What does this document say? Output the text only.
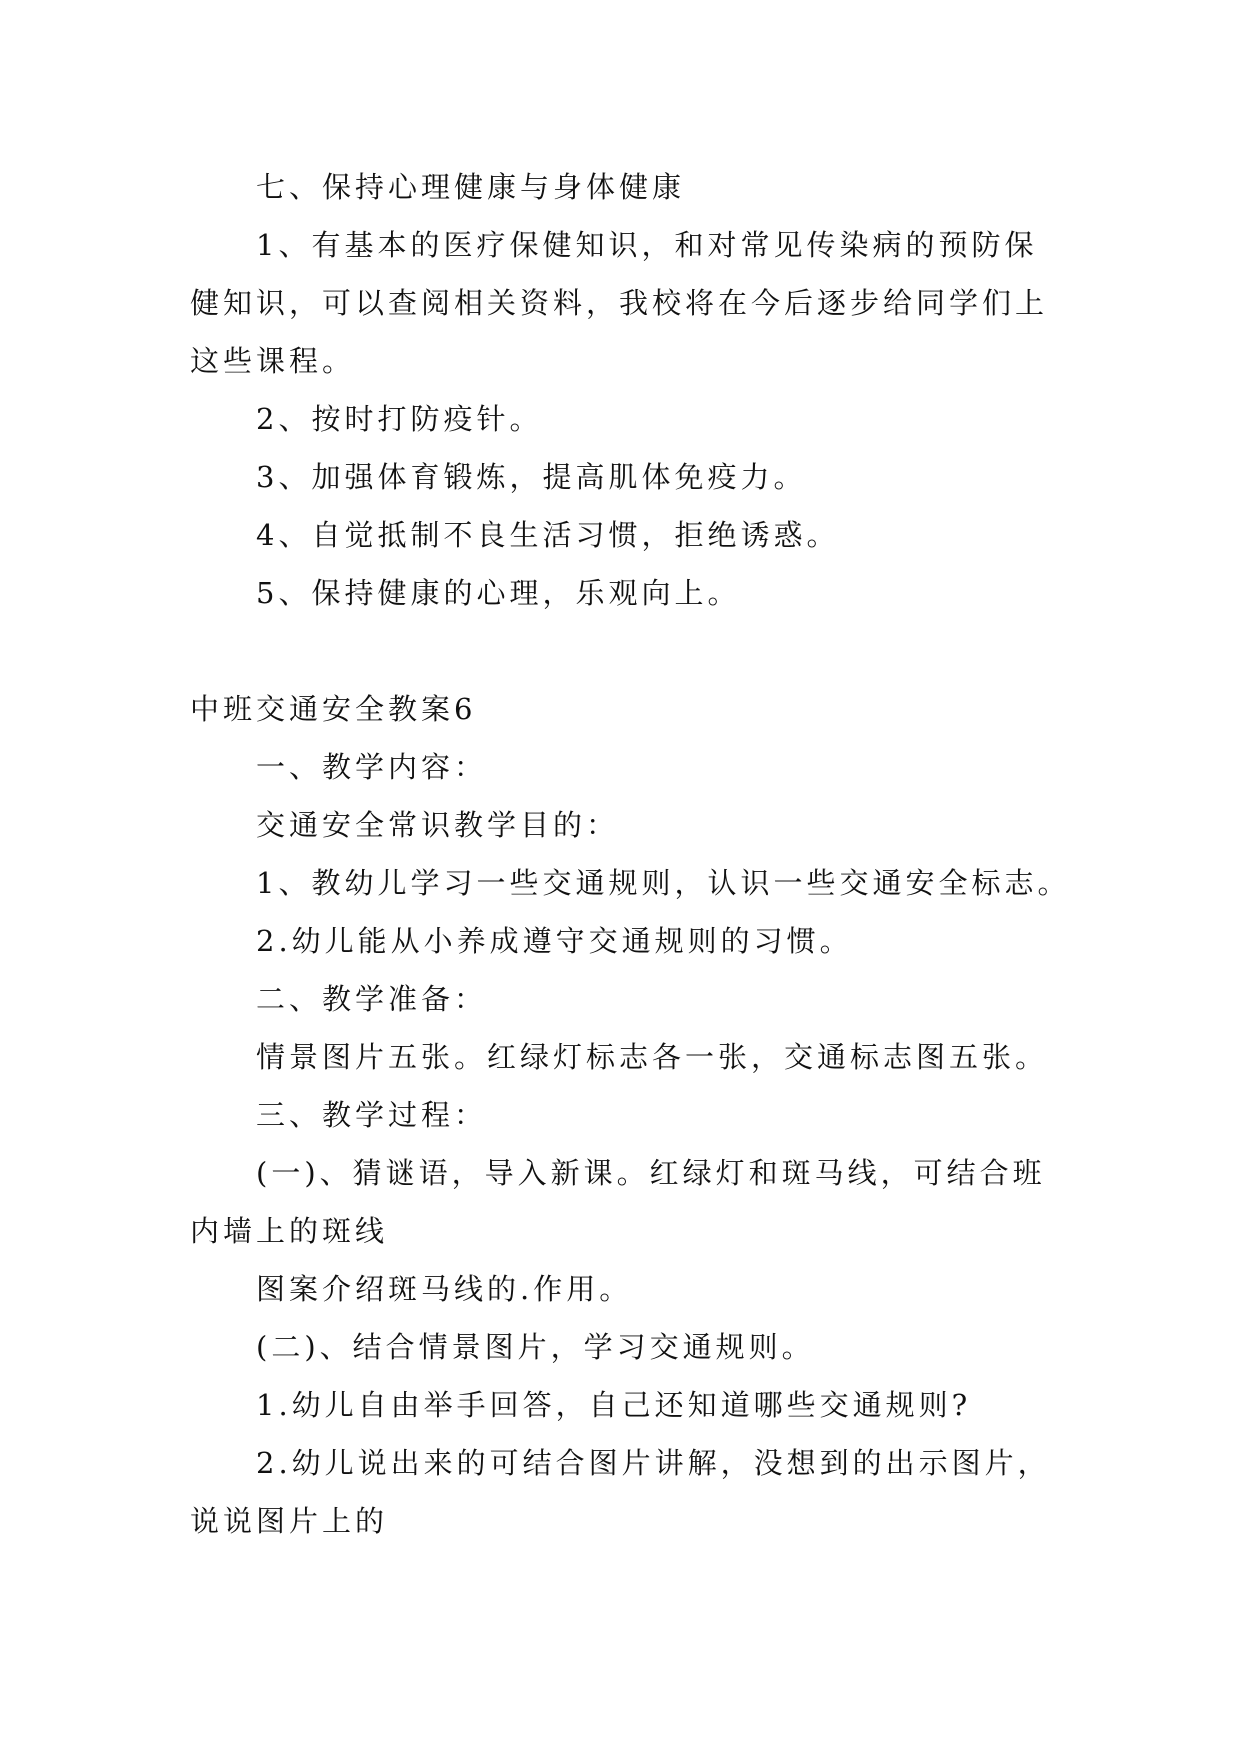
七、保持心理健康与身体健康

1、有基本的医疗保健知识，和对常见传染病的预防保

健知识，可以查阅相关资料，我校将在今后逐步给同学们上

这些课程。

2、按时打防疫针。

3、加强体育锻炼，提高肌体免疫力。

4、自觉抵制不良生活习惯，拒绝诱惑。

5、保持健康的心理，乐观向上。

中班交通安全教案6

一、教学内容：

交通安全常识教学目的：

1、教幼儿学习一些交通规则，认识一些交通安全标志。

2.幼儿能从小养成遵守交通规则的习惯。

二、教学准备：

情景图片五张。红绿灯标志各一张，交通标志图五张。

三、教学过程：

(一)、猜谜语，导入新课。红绿灯和斑马线，可结合班

内墙上的斑线

图案介绍斑马线的.作用。

(二)、结合情景图片，学习交通规则。

1.幼儿自由举手回答，自己还知道哪些交通规则?

2.幼儿说出来的可结合图片讲解，没想到的出示图片，

说说图片上的
